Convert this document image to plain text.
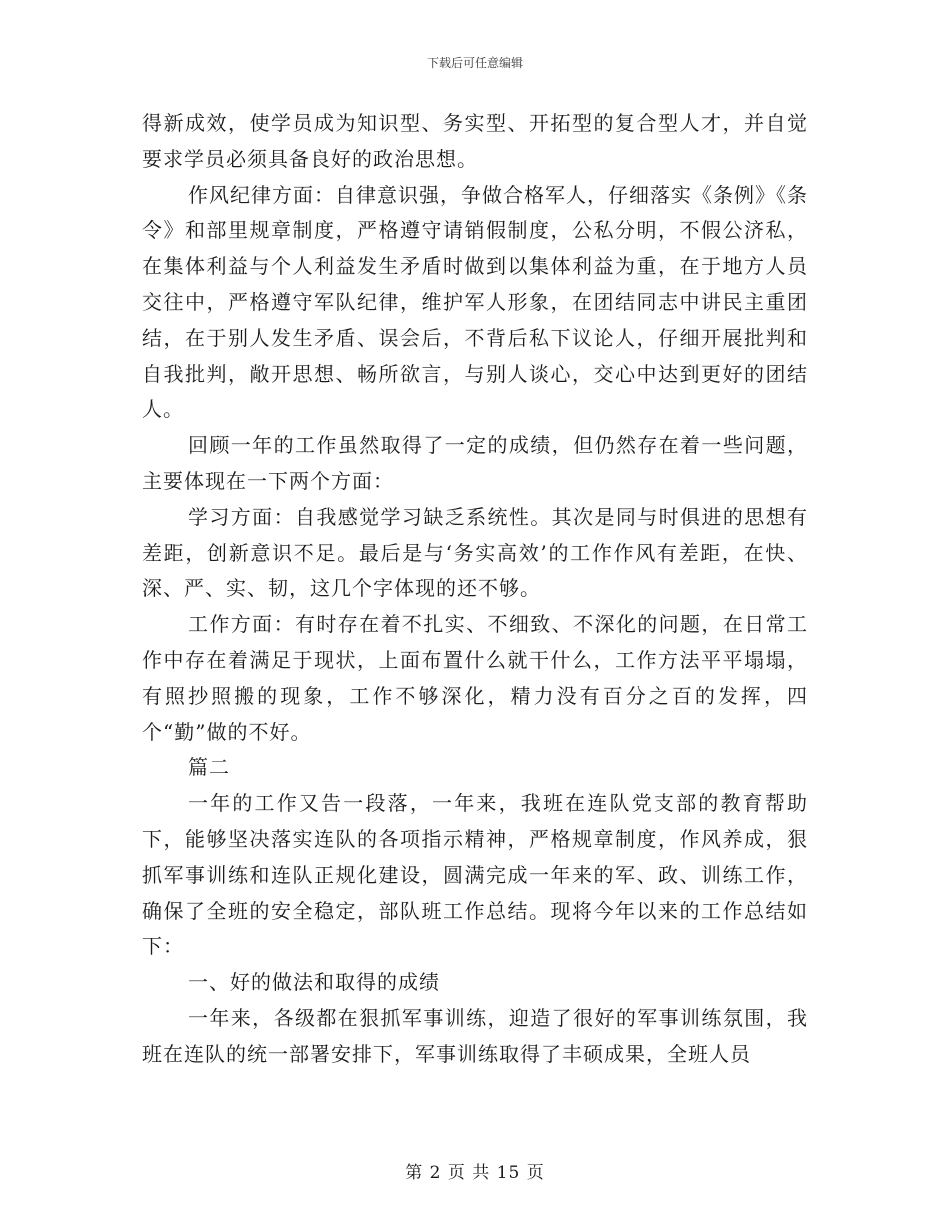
下载后可任意编辑

得新成效，使学员成为知识型、务实型、开拓型的复合型人才，并自觉要求学员必须具备良好的政治思想。

作风纪律方面：自律意识强，争做合格军人，仔细落实《条例》《条令》和部里规章制度，严格遵守请销假制度，公私分明，不假公济私，在集体利益与个人利益发生矛盾时做到以集体利益为重，在于地方人员交往中，严格遵守军队纪律，维护军人形象，在团结同志中讲民主重团结，在于别人发生矛盾、误会后，不背后私下议论人，仔细开展批判和自我批判，敞开思想、畅所欲言，与别人谈心，交心中达到更好的团结人。

回顾一年的工作虽然取得了一定的成绩，但仍然存在着一些问题，主要体现在一下两个方面：

学习方面：自我感觉学习缺乏系统性。其次是同与时俱进的思想有差距，创新意识不足。最后是与‘务实高效’的工作作风有差距，在快、深、严、实、韧，这几个字体现的还不够。

工作方面：有时存在着不扎实、不细致、不深化的问题，在日常工作中存在着满足于现状，上面布置什么就干什么，工作方法平平塌塌，有照抄照搬的现象，工作不够深化，精力没有百分之百的发挥，四个“勤”做的不好。

篇二

一年的工作又告一段落，一年来，我班在连队党支部的教育帮助下，能够坚决落实连队的各项指示精神，严格规章制度，作风养成，狠抓军事训练和连队正规化建设，圆满完成一年来的军、政、训练工作，确保了全班的安全稳定，部队班工作总结。现将今年以来的工作总结如下：

一、好的做法和取得的成绩

一年来，各级都在狠抓军事训练，迎造了很好的军事训练氛围，我班在连队的统一部署安排下，军事训练取得了丰硕成果，全班人员

第 2 页 共 15 页
